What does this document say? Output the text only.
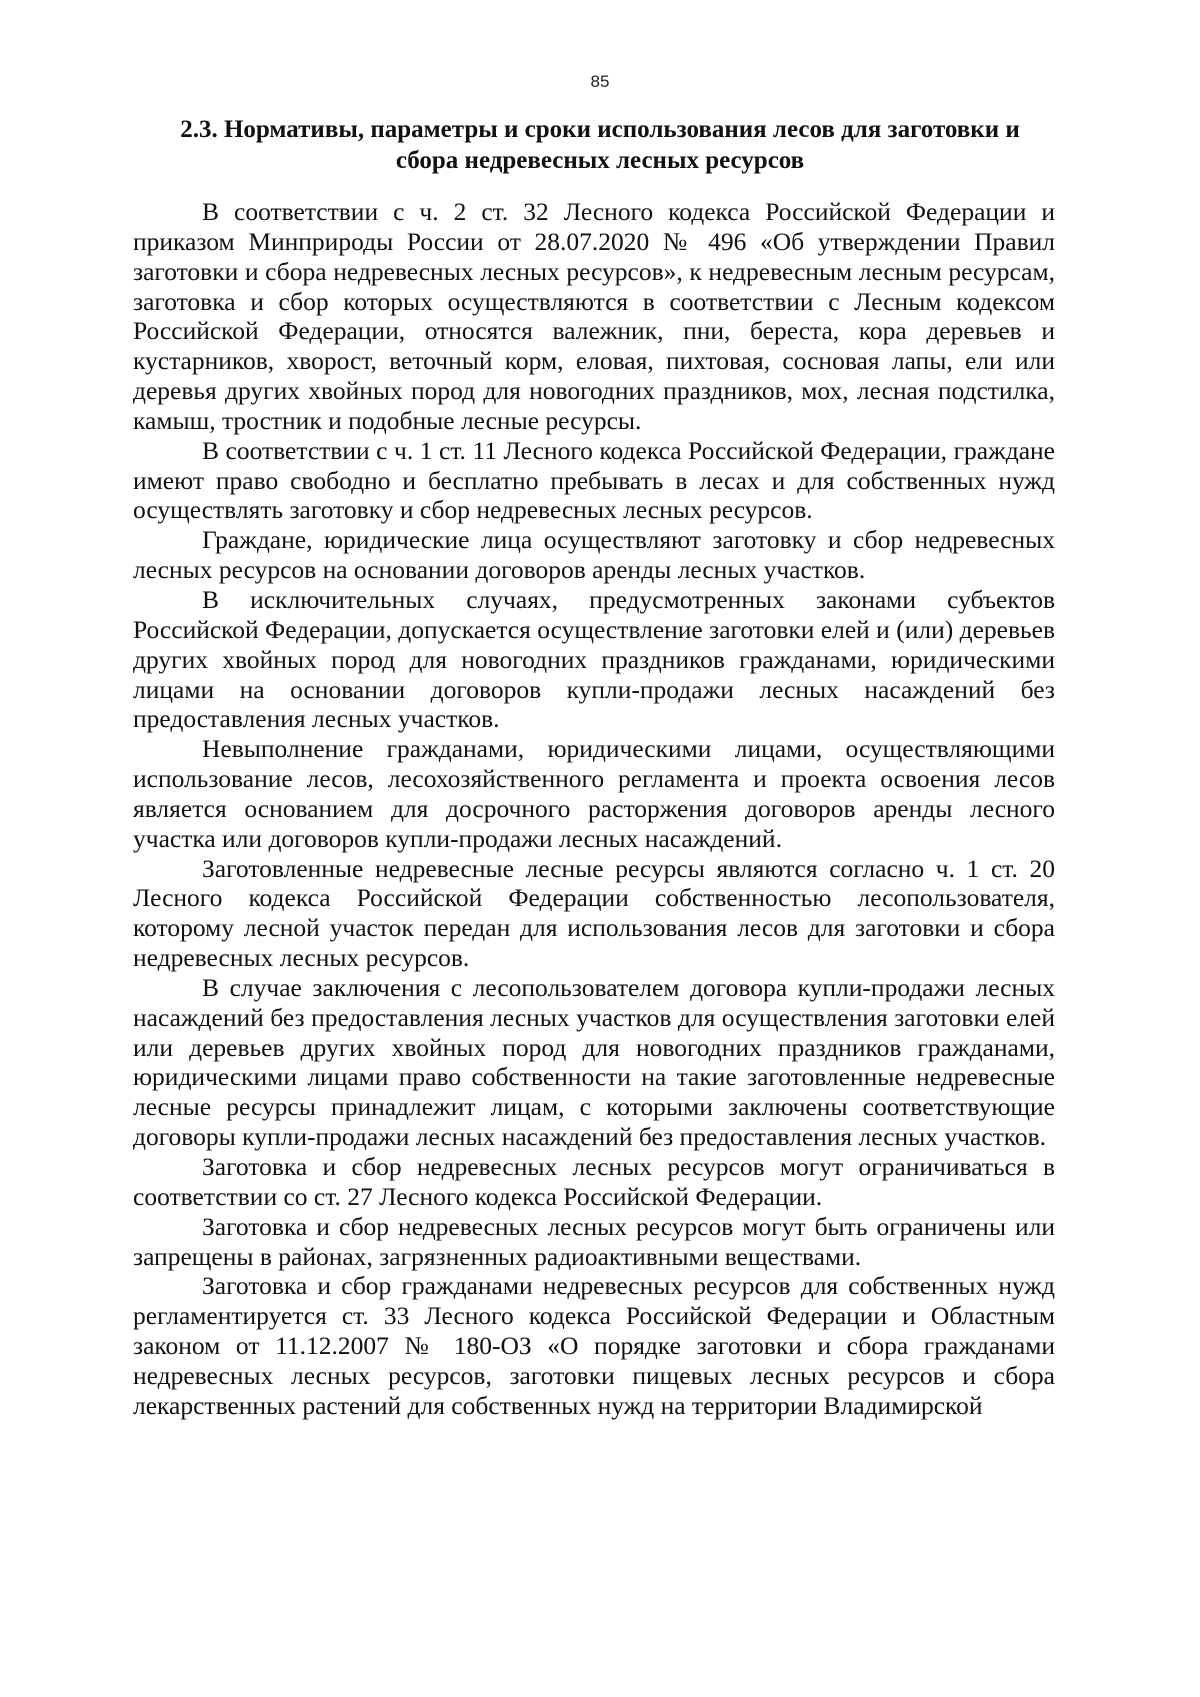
85
2.3. Нормативы, параметры и сроки использования лесов для заготовки и сбора недревесных лесных ресурсов

В соответствии с ч. 2 ст. 32 Лесного кодекса Российской Федерации и приказом Минприроды России от 28.07.2020 № 496 «Об утверждении Правил заготовки и сбора недревесных лесных ресурсов», к недревесным лесным ресурсам, заготовка и сбор которых осуществляются в соответствии с Лесным кодексом Российской Федерации, относятся валежник, пни, береста, кора деревьев и кустарников, хворост, веточный корм, еловая, пихтовая, сосновая лапы, ели или деревья других хвойных пород для новогодних праздников, мох, лесная подстилка, камыш, тростник и подобные лесные ресурсы.

В соответствии с ч. 1 ст. 11 Лесного кодекса Российской Федерации, граждане имеют право свободно и бесплатно пребывать в лесах и для собственных нужд осуществлять заготовку и сбор недревесных лесных ресурсов.

Граждане, юридические лица осуществляют заготовку и сбор недревесных лесных ресурсов на основании договоров аренды лесных участков.

В исключительных случаях, предусмотренных законами субъектов Российской Федерации, допускается осуществление заготовки елей и (или) деревьев других хвойных пород для новогодних праздников гражданами, юридическими лицами на основании договоров купли-продажи лесных насаждений без предоставления лесных участков.

Невыполнение гражданами, юридическими лицами, осуществляющими использование лесов, лесохозяйственного регламента и проекта освоения лесов является основанием для досрочного расторжения договоров аренды лесного участка или договоров купли-продажи лесных насаждений.

Заготовленные недревесные лесные ресурсы являются согласно ч. 1 ст. 20 Лесного кодекса Российской Федерации собственностью лесопользователя, которому лесной участок передан для использования лесов для заготовки и сбора недревесных лесных ресурсов.

В случае заключения с лесопользователем договора купли-продажи лесных насаждений без предоставления лесных участков для осуществления заготовки елей или деревьев других хвойных пород для новогодних праздников гражданами, юридическими лицами право собственности на такие заготовленные недревесные лесные ресурсы принадлежит лицам, с которыми заключены соответствующие договоры купли-продажи лесных насаждений без предоставления лесных участков.

Заготовка и сбор недревесных лесных ресурсов могут ограничиваться в соответствии со ст. 27 Лесного кодекса Российской Федерации.

Заготовка и сбор недревесных лесных ресурсов могут быть ограничены или запрещены в районах, загрязненных радиоактивными веществами.

Заготовка и сбор гражданами недревесных ресурсов для собственных нужд регламентируется ст. 33 Лесного кодекса Российской Федерации и Областным законом от 11.12.2007 № 180-ОЗ «О порядке заготовки и сбора гражданами недревесных лесных ресурсов, заготовки пищевых лесных ресурсов и сбора лекарственных растений для собственных нужд на территории Владимирской
